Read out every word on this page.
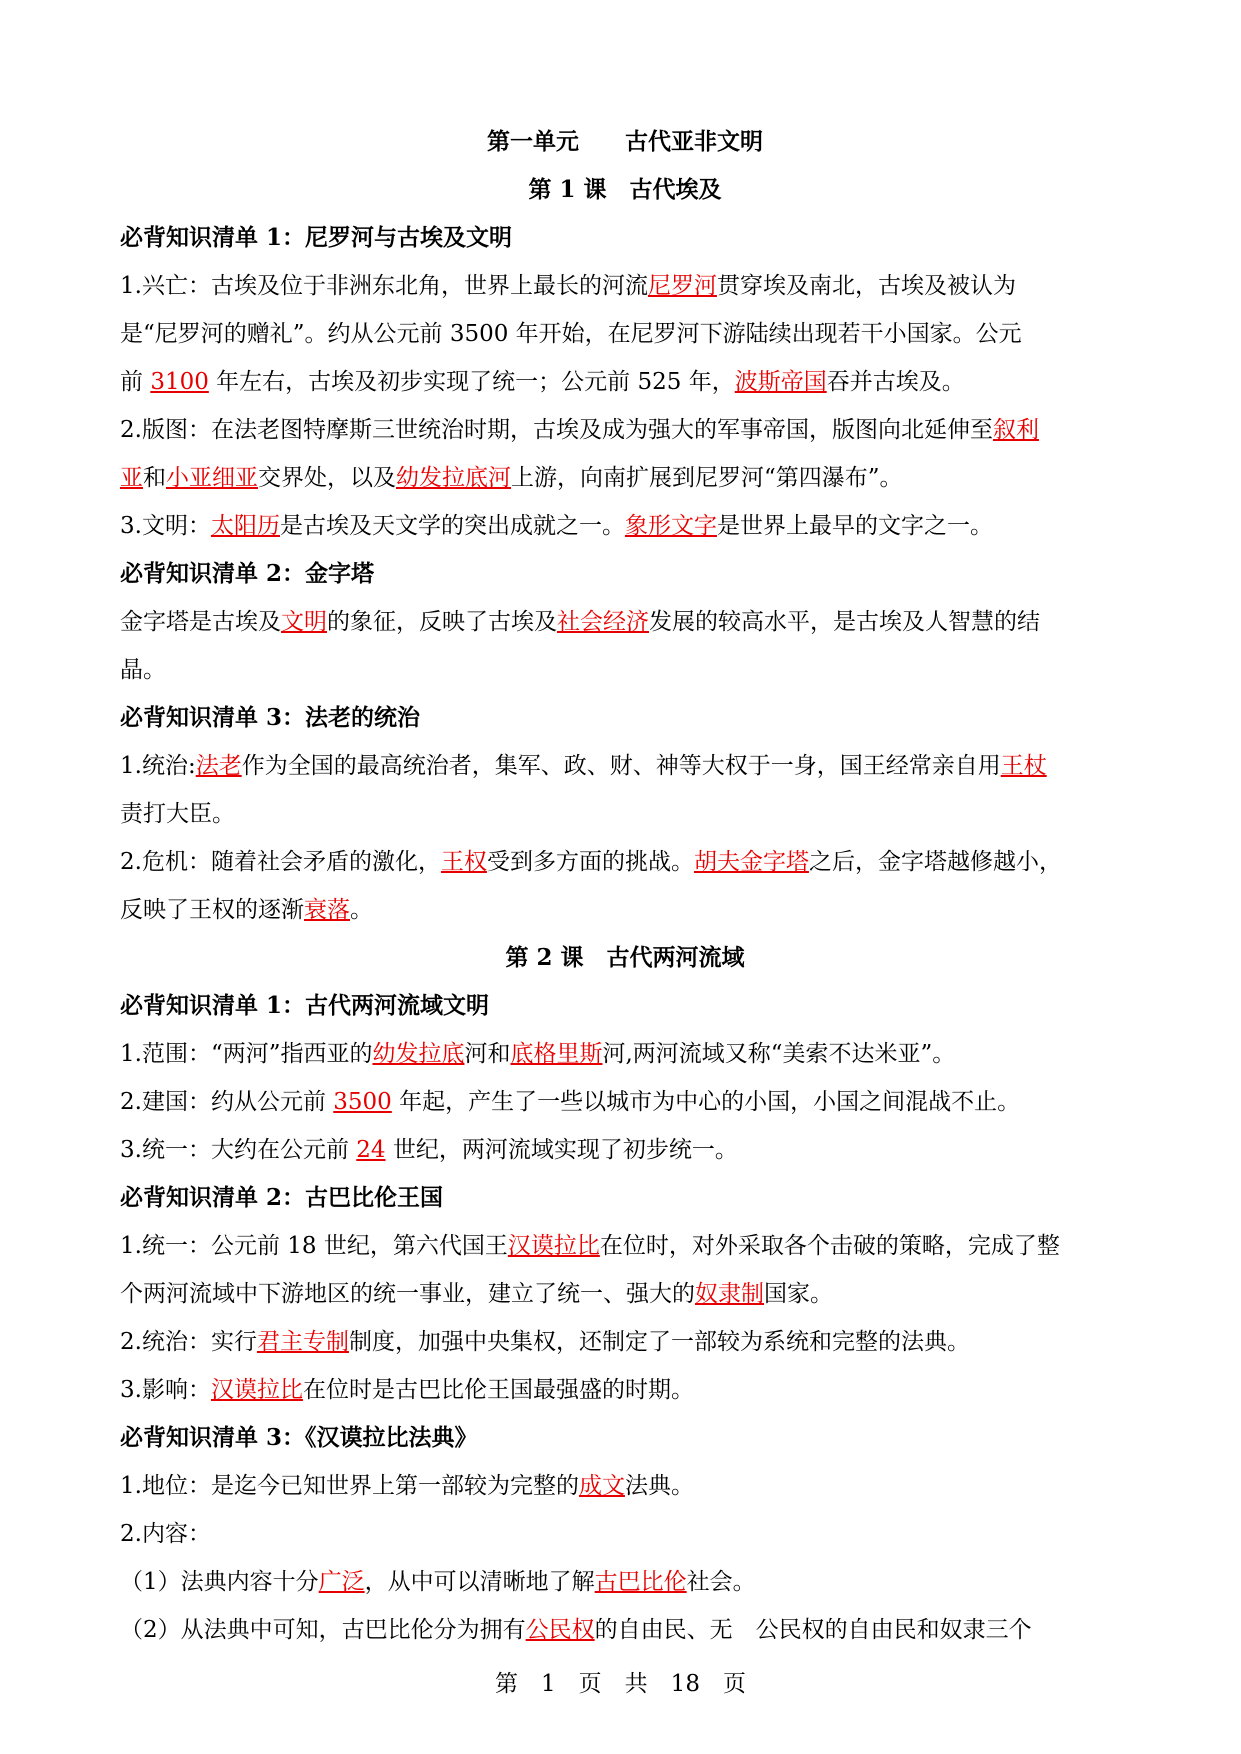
第一单元　　古代亚非文明
第 1 课　古代埃及
必背知识清单 1：尼罗河与古埃及文明
1.兴亡：古埃及位于非洲东北角，世界上最长的河流尼罗河贯穿埃及南北，古埃及被认为
是“尼罗河的赠礼”。约从公元前 3500 年开始，在尼罗河下游陆续出现若干小国家。公元
前 3100 年左右，古埃及初步实现了统一；公元前 525 年，波斯帝国吞并古埃及。
2.版图：在法老图特摩斯三世统治时期，古埃及成为强大的军事帝国，版图向北延伸至叙利
亚和小亚细亚交界处，以及幼发拉底河上游，向南扩展到尼罗河“第四瀑布”。
3.文明：太阳历是古埃及天文学的突出成就之一。象形文字是世界上最早的文字之一。
必背知识清单 2：金字塔
金字塔是古埃及文明的象征，反映了古埃及社会经济发展的较高水平，是古埃及人智慧的结
晶。
必背知识清单 3：法老的统治
1.统治:法老作为全国的最高统治者，集军、政、财、神等大权于一身，国王经常亲自用王杖
责打大臣。
2.危机：随着社会矛盾的激化，王权受到多方面的挑战。胡夫金字塔之后，金字塔越修越小，
反映了王权的逐渐衰落。
第 2 课　古代两河流域
必背知识清单 1：古代两河流域文明
1.范围：“两河”指西亚的幼发拉底河和底格里斯河,两河流域又称“美索不达米亚”。
2.建国：约从公元前 3500 年起，产生了一些以城市为中心的小国，小国之间混战不止。
3.统一：大约在公元前 24 世纪，两河流域实现了初步统一。
必背知识清单 2：古巴比伦王国
1.统一：公元前 18 世纪，第六代国王汉谟拉比在位时，对外采取各个击破的策略，完成了整
个两河流域中下游地区的统一事业，建立了统一、强大的奴隶制国家。
2.统治：实行君主专制制度，加强中央集权，还制定了一部较为系统和完整的法典。
3.影响：汉谟拉比在位时是古巴比伦王国最强盛的时期。
必背知识清单 3：《汉谟拉比法典》
1.地位：是迄今已知世界上第一部较为完整的成文法典。
2.内容：
（1）法典内容十分广泛，从中可以清晰地了解古巴比伦社会。
（2）从法典中可知，古巴比伦分为拥有公民权的自由民、无　公民权的自由民和奴隶三个
第　1　页　共　18　页
